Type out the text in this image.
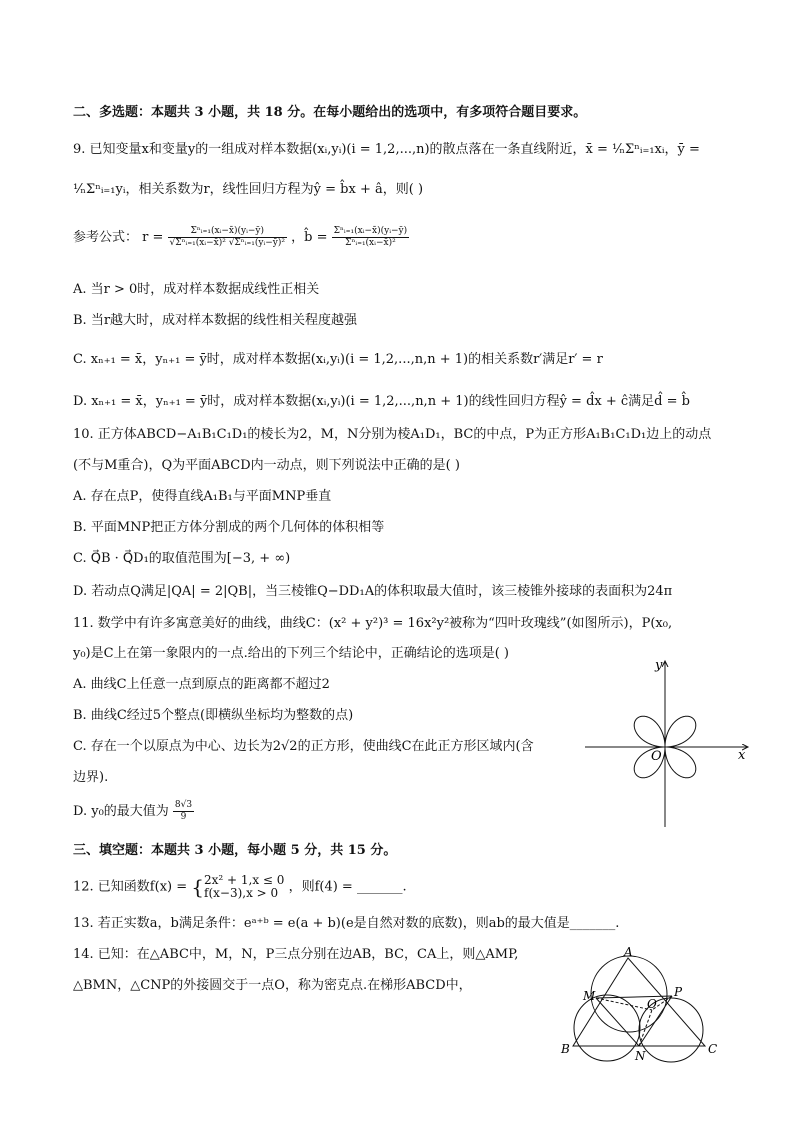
二、多选题：本题共 3 小题，共 18 分。在每小题给出的选项中，有多项符合题目要求。
9. 已知变量x和变量y的一组成对样本数据(xᵢ,yᵢ)(i = 1,2,...,n)的散点落在一条直线附近，x̄ = ¹⁄ₙΣⁿᵢ₌₁xᵢ，ȳ =
¹⁄ₙΣⁿᵢ₌₁yᵢ，相关系数为r，线性回归方程为ŷ = b̂x + â，则( )
参考公式： $r = \frac{\text{Σⁿᵢ₌₁(xᵢ−x̄)(yᵢ−ȳ)}}{\text{√Σⁿᵢ₌₁(xᵢ−x̄)² √Σⁿᵢ₌₁(yᵢ−ȳ)²}}$ ，b̂ = $\frac{\text{Σⁿᵢ₌₁(xᵢ−x̄)(yᵢ−ȳ)}}{\text{Σⁿᵢ₌₁(xᵢ−x̄)²}}$
A. 当r > 0时，成对样本数据成线性正相关
B. 当r越大时，成对样本数据的线性相关程度越强
C. xₙ₊₁ = x̄，yₙ₊₁ = ȳ时，成对样本数据(xᵢ,yᵢ)(i = 1,2,...,n,n + 1)的相关系数r′满足r′ = r
D. xₙ₊₁ = x̄，yₙ₊₁ = ȳ时，成对样本数据(xᵢ,yᵢ)(i = 1,2,...,n,n + 1)的线性回归方程ŷ = d̂x + ĉ满足d̂ = b̂
10. 正方体ABCD−A₁B₁C₁D₁的棱长为2，M，N分别为棱A₁D₁，BC的中点，P为正方形A₁B₁C₁D₁边上的动点
(不与M重合)，Q为平面ABCD内一动点，则下列说法中正确的是( )
A. 存在点P，使得直线A₁B₁与平面MNP垂直
B. 平面MNP把正方体分割成的两个几何体的体积相等
C. Q⃗B · Q⃗D₁的取值范围为[−3, + ∞)
D. 若动点Q满足|QA| = 2|QB|，当三棱锥Q−DD₁A的体积取最大值时，该三棱锥外接球的表面积为24π
11. 数学中有许多寓意美好的曲线，曲线C：(x² + y²)³ = 16x²y²被称为“四叶玫瑰线”(如图所示)，P(x₀,
y₀)是C上在第一象限内的一点.给出的下列三个结论中，正确结论的选项是( )
A. 曲线C上任意一点到原点的距离都不超过2
B. 曲线C经过5个整点(即横纵坐标均为整数的点)
C. 存在一个以原点为中心、边长为2√2的正方形，使曲线C在此正方形区域内(含
边界).
D. y₀的最大值为 $\frac{8√3}{9}$
x
y
O
三、填空题：本题共 3 小题，每小题 5 分，共 15 分。
12. 已知函数f(x) = { 2x² + 1,x ≤ 0
f(x−3),x > 0 ，则f(4) = _______.
13. 若正实数a，b满足条件：eᵃ⁺ᵇ = e(a + b)(e是自然对数的底数)，则ab的最大值是_______.
14. 已知：在△ABC中，M，N，P三点分别在边AB，BC，CA上，则△AMP,
△BMN，△CNP的外接圆交于一点O，称为密克点.在梯形ABCD中，
A
B	C
M
N
P
O
